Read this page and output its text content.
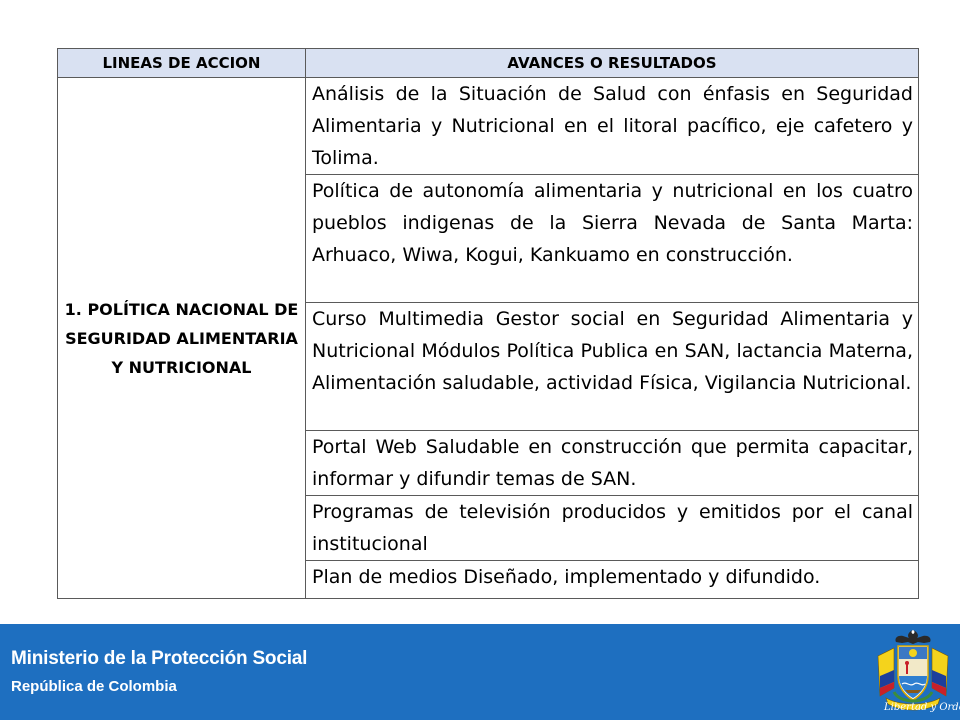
LINEAS DE ACCION	AVANCES O RESULTADOS
1. POLÍTICA NACIONAL DE SEGURIDAD ALIMENTARIA Y NUTRICIONAL	Análisis de la Situación de Salud con énfasis en Seguridad Alimentaria y Nutricional en el litoral pacífico, eje cafetero y Tolima.
	Política de autonomía alimentaria y nutricional en los cuatro pueblos indigenas de la Sierra Nevada de Santa Marta: Arhuaco, Wiwa, Kogui, Kankuamo en construcción.
	Curso Multimedia Gestor social en Seguridad Alimentaria y Nutricional Módulos Política Publica en SAN, lactancia Materna, Alimentación saludable, actividad Física, Vigilancia Nutricional.
	Portal Web Saludable en construcción que permita capacitar, informar y difundir temas de SAN.
	Programas de televisión producidos y emitidos por el canal institucional
	Plan de medios Diseñado, implementado y difundido.
Ministerio de la Protección Social
República de Colombia
Libertad y Orden
